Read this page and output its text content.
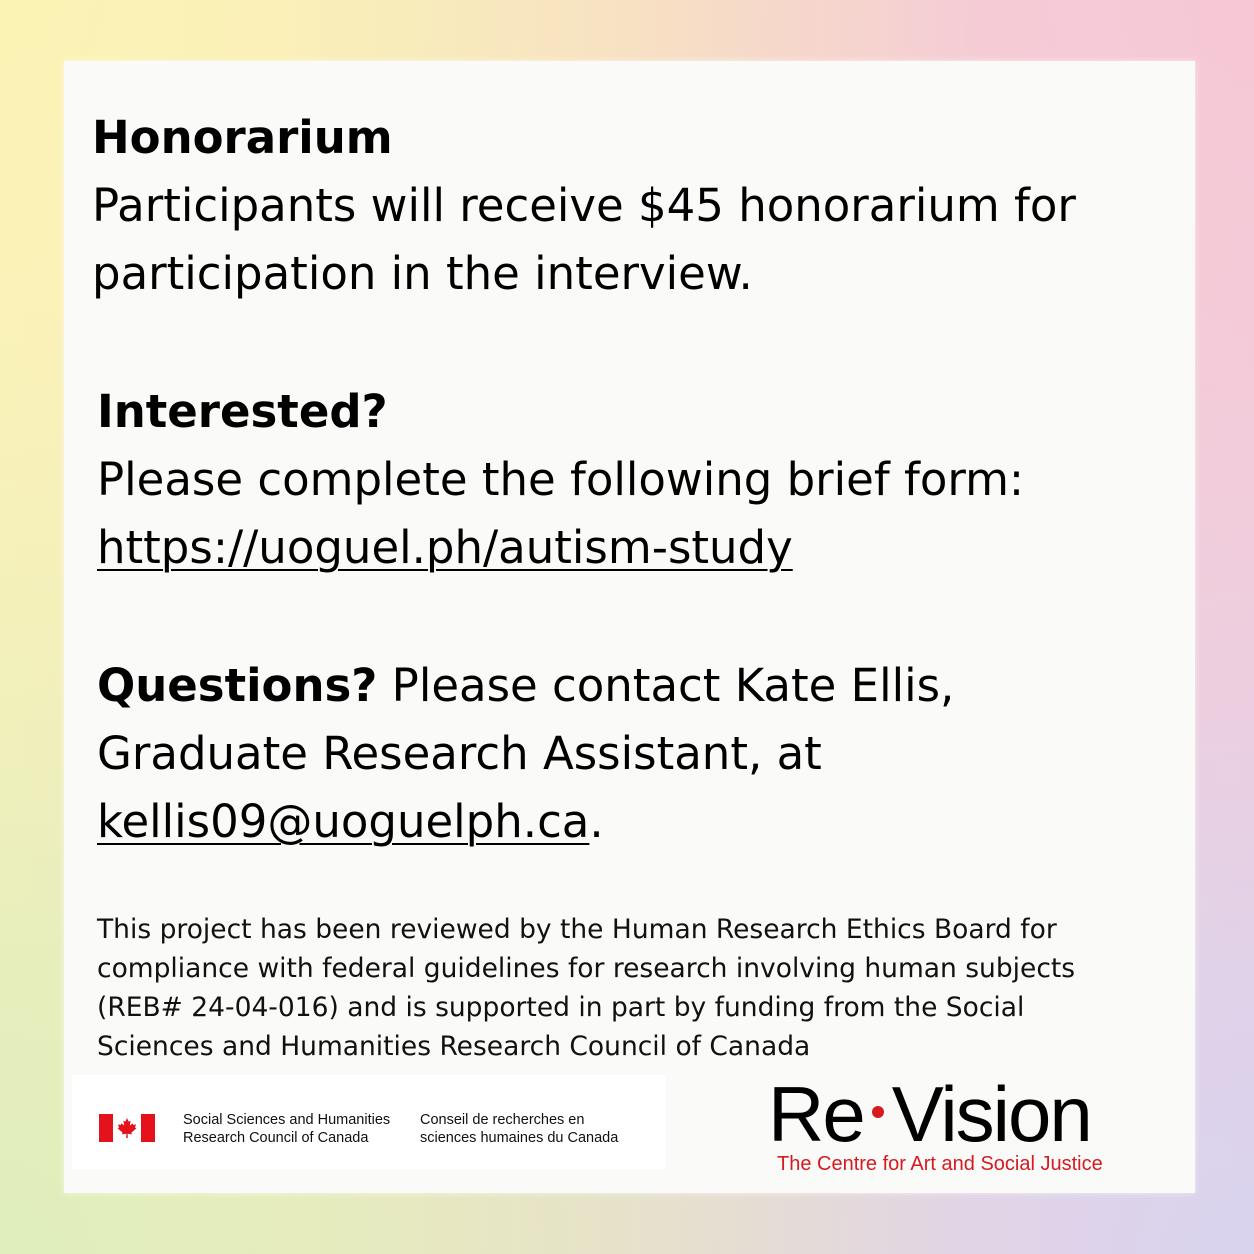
Honorarium

Participants will receive $45 honorarium for

participation in the interview.

Interested?

Please complete the following brief form:

https://uoguel.ph/autism-study

Questions? Please contact Kate Ellis,

Graduate Research Assistant, at

kellis09@uoguelph.ca.

This project has been reviewed by the Human Research Ethics Board for
compliance with federal guidelines for research involving human subjects
(REB# 24-04-016) and is supported in part by funding from the Social
Sciences and Humanities Research Council of Canada
Social Sciences and Humanities
Research Council of Canada
Conseil de recherches en
sciences humaines du Canada Re Vision
The Centre for Art and Social Justice
